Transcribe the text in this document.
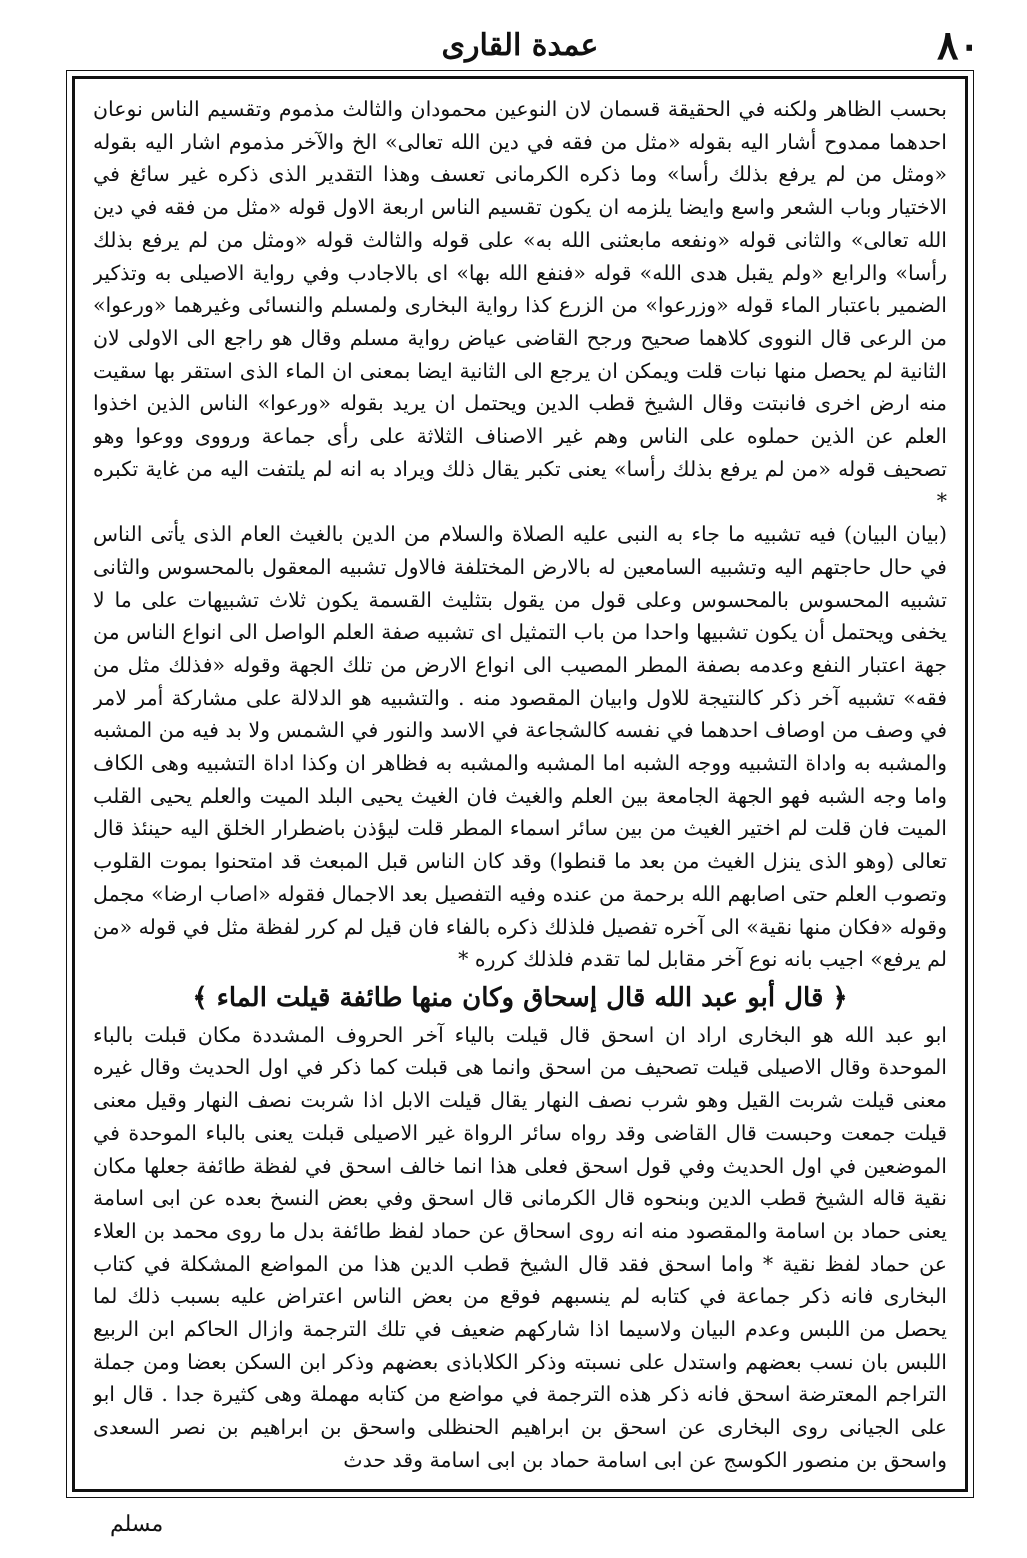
٨٠
عمدة القارى

بحسب الظاهر ولكنه في الحقيقة قسمان لان النوعين محمودان والثالث مذموم وتقسيم الناس نوعان احدهما ممدوح أشار اليه بقوله «مثل من فقه في دين الله تعالى» الخ والآخر مذموم اشار اليه بقوله «ومثل من لم يرفع بذلك رأسا» وما ذكره الكرمانى تعسف وهذا التقدير الذى ذكره غير سائغ في الاختيار وباب الشعر واسع وايضا يلزمه ان يكون تقسيم الناس اربعة الاول قوله «مثل من فقه في دين الله تعالى» والثانى قوله «ونفعه مابعثنى الله به» على قوله والثالث قوله «ومثل من لم يرفع بذلك رأسا» والرابع «ولم يقبل هدى الله» قوله «فنفع الله بها» اى بالاجادب وفي رواية الاصيلى به وتذكير الضمير باعتبار الماء قوله «وزرعوا» من الزرع كذا رواية البخارى ولمسلم والنسائى وغيرهما «ورعوا» من الرعى قال النووى كلاهما صحيح ورجح القاضى عياض رواية مسلم وقال هو راجع الى الاولى لان الثانية لم يحصل منها نبات قلت ويمكن ان يرجع الى الثانية ايضا بمعنى ان الماء الذى استقر بها سقيت منه ارض اخرى فانبتت وقال الشيخ قطب الدين ويحتمل ان يريد بقوله «ورعوا» الناس الذين اخذوا العلم عن الذين حملوه على الناس وهم غير الاصناف الثلاثة على رأى جماعة ورووى ووعوا وهو تصحيف قوله «من لم يرفع بذلك رأسا» يعنى تكبر يقال ذلك ويراد به انه لم يلتفت اليه من غاية تكبره *

(بيان البيان) فيه تشبيه ما جاء به النبى عليه الصلاة والسلام من الدين بالغيث العام الذى يأتى الناس في حال حاجتهم اليه وتشبيه السامعين له بالارض المختلفة فالاول تشبيه المعقول بالمحسوس والثانى تشبيه المحسوس بالمحسوس وعلى قول من يقول بتثليث القسمة يكون ثلاث تشبيهات على ما لا يخفى ويحتمل أن يكون تشبيها واحدا من باب التمثيل اى تشبيه صفة العلم الواصل الى انواع الناس من جهة اعتبار النفع وعدمه بصفة المطر المصيب الى انواع الارض من تلك الجهة وقوله «فذلك مثل من فقه» تشبيه آخر ذكر كالنتيجة للاول وابيان المقصود منه . والتشبيه هو الدلالة على مشاركة أمر لامر في وصف من اوصاف احدهما في نفسه كالشجاعة في الاسد والنور في الشمس ولا بد فيه من المشبه والمشبه به واداة التشبيه ووجه الشبه اما المشبه والمشبه به فظاهر ان وكذا اداة التشبيه وهى الكاف واما وجه الشبه فهو الجهة الجامعة بين العلم والغيث فان الغيث يحيى البلد الميت والعلم يحيى القلب الميت فان قلت لم اختير الغيث من بين سائر اسماء المطر قلت ليؤذن باضطرار الخلق اليه حينئذ قال تعالى (وهو الذى ينزل الغيث من بعد ما قنطوا) وقد كان الناس قبل المبعث قد امتحنوا بموت القلوب وتصوب العلم حتى اصابهم الله برحمة من عنده وفيه التفصيل بعد الاجمال فقوله «اصاب ارضا» مجمل وقوله «فكان منها نقية» الى آخره تفصيل فلذلك ذكره بالفاء فان قيل لم كرر لفظة مثل في قوله «من لم يرفع» اجيب بانه نوع آخر مقابل لما تقدم فلذلك كرره *

﴿ قال أبو عبد الله قال إسحاق وكان منها طائفة قيلت الماء ﴾

ابو عبد الله هو البخارى اراد ان اسحق قال قيلت بالياء آخر الحروف المشددة مكان قبلت بالباء الموحدة وقال الاصيلى قيلت تصحيف من اسحق وانما هى قبلت كما ذكر في اول الحديث وقال غيره معنى قيلت شربت القيل وهو شرب نصف النهار يقال قيلت الابل اذا شربت نصف النهار وقيل معنى قيلت جمعت وحبست قال القاضى وقد رواه سائر الرواة غير الاصيلى قبلت يعنى بالباء الموحدة في الموضعين في اول الحديث وفي قول اسحق فعلى هذا انما خالف اسحق في لفظة طائفة جعلها مكان نقية قاله الشيخ قطب الدين وبنحوه قال الكرمانى قال اسحق وفي بعض النسخ بعده عن ابى اسامة يعنى حماد بن اسامة والمقصود منه انه روى اسحاق عن حماد لفظ طائفة بدل ما روى محمد بن العلاء عن حماد لفظ نقية * واما اسحق فقد قال الشيخ قطب الدين هذا من المواضع المشكلة في كتاب البخارى فانه ذكر جماعة في كتابه لم ينسبهم فوقع من بعض الناس اعتراض عليه بسبب ذلك لما يحصل من اللبس وعدم البيان ولاسيما اذا شاركهم ضعيف في تلك الترجمة وازال الحاكم ابن الربيع اللبس بان نسب بعضهم واستدل على نسبته وذكر الكلاباذى بعضهم وذكر ابن السكن بعضا ومن جملة التراجم المعترضة اسحق فانه ذكر هذه الترجمة في مواضع من كتابه مهملة وهى كثيرة جدا . قال ابو على الجيانى روى البخارى عن اسحق بن ابراهيم الحنظلى واسحق بن ابراهيم بن نصر السعدى واسحق بن منصور الكوسج عن ابى اسامة حماد بن ابى اسامة وقد حدث

مسلم
